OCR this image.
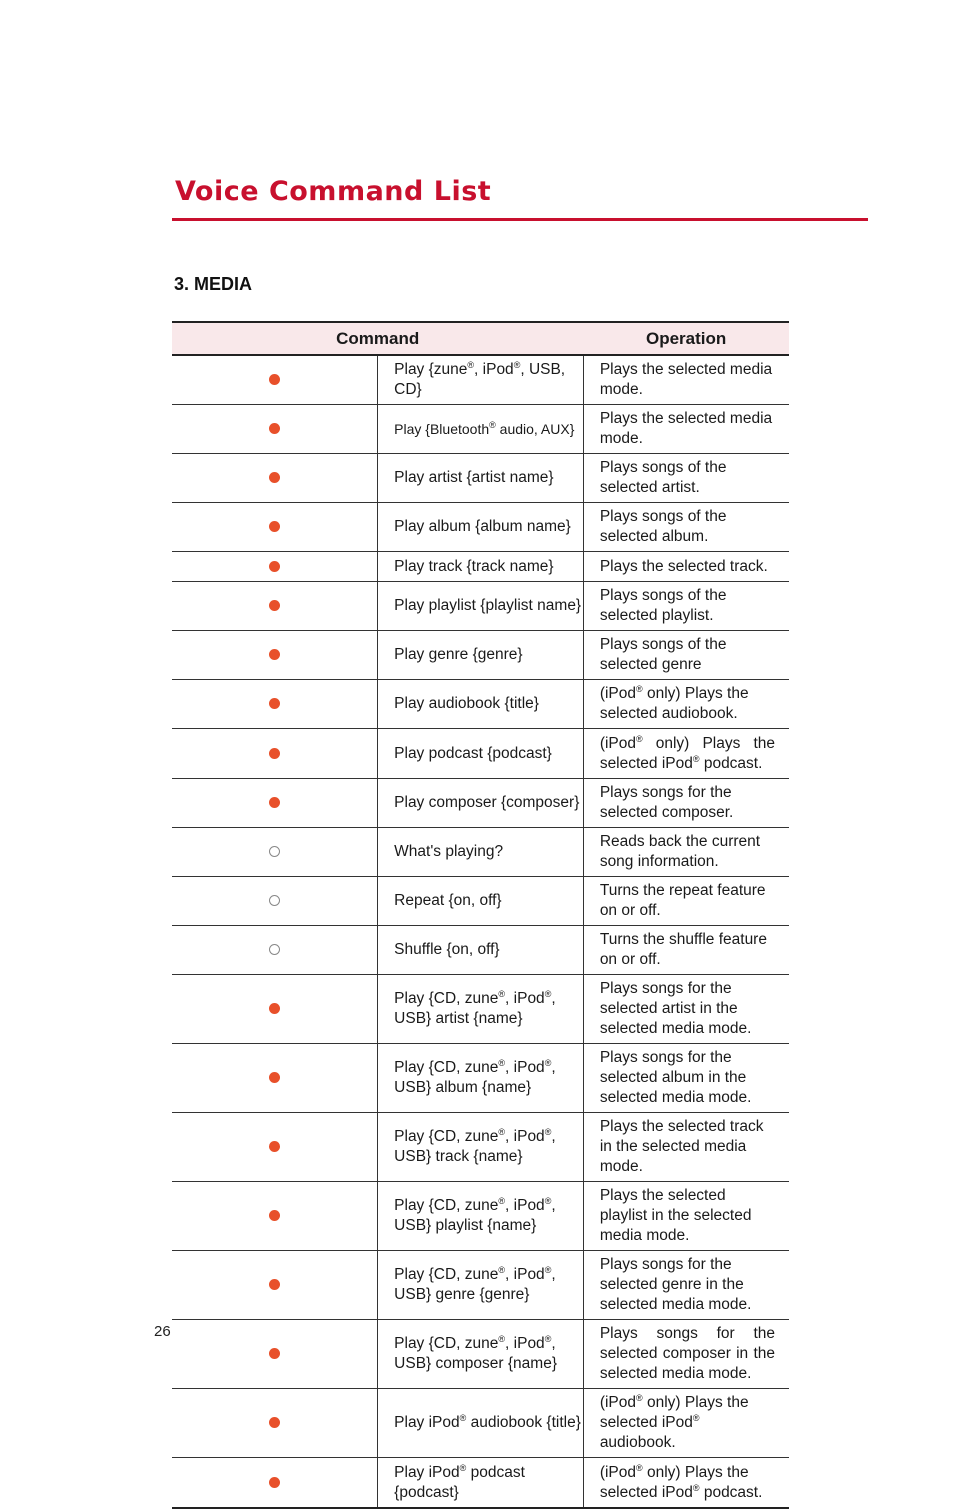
Voice Command List
3. MEDIA
Command		Operation
	Play {zune®, iPod®, USB, CD}	Plays the selected media mode.
	Play {Bluetooth® audio, AUX}	Plays the selected media mode.
	Play artist {artist name}	Plays songs of the selected artist.
	Play album {album name}	Plays songs of the selected album.
	Play track {track name}	Plays the selected track.
	Play playlist {playlist name}	Plays songs of the selected playlist.
	Play genre {genre}	Plays songs of the selected genre
	Play audiobook {title}	(iPod® only) Plays the selected audiobook.
	Play podcast {podcast}	(iPod® only) Plays the selected iPod® podcast.
	Play composer {composer}	Plays songs for the selected composer.
	What's playing?	Reads back the current song information.
	Repeat {on, off}	Turns the repeat feature on or off.
	Shuffle {on, off}	Turns the shuffle feature on or off.
	Play {CD, zune®, iPod®, USB} artist {name}	Plays songs for the selected artist in the selected media mode.
	Play {CD, zune®, iPod®, USB} album {name}	Plays songs for the selected album in the selected media mode.
	Play {CD, zune®, iPod®, USB} track {name}	Plays the selected track in the selected media mode.
	Play {CD, zune®, iPod®, USB} playlist {name}	Plays the selected playlist in the selected media mode.
	Play {CD, zune®, iPod®, USB} genre {genre}	Plays songs for the selected genre in the selected media mode.
	Play {CD, zune®, iPod®, USB} composer {name}	Plays songs for the selected composer in the selected media mode.
	Play iPod® audiobook {title}	(iPod® only) Plays the selected iPod® audiobook.
	Play iPod® podcast {podcast}	(iPod® only) Plays the selected iPod® podcast.
26
